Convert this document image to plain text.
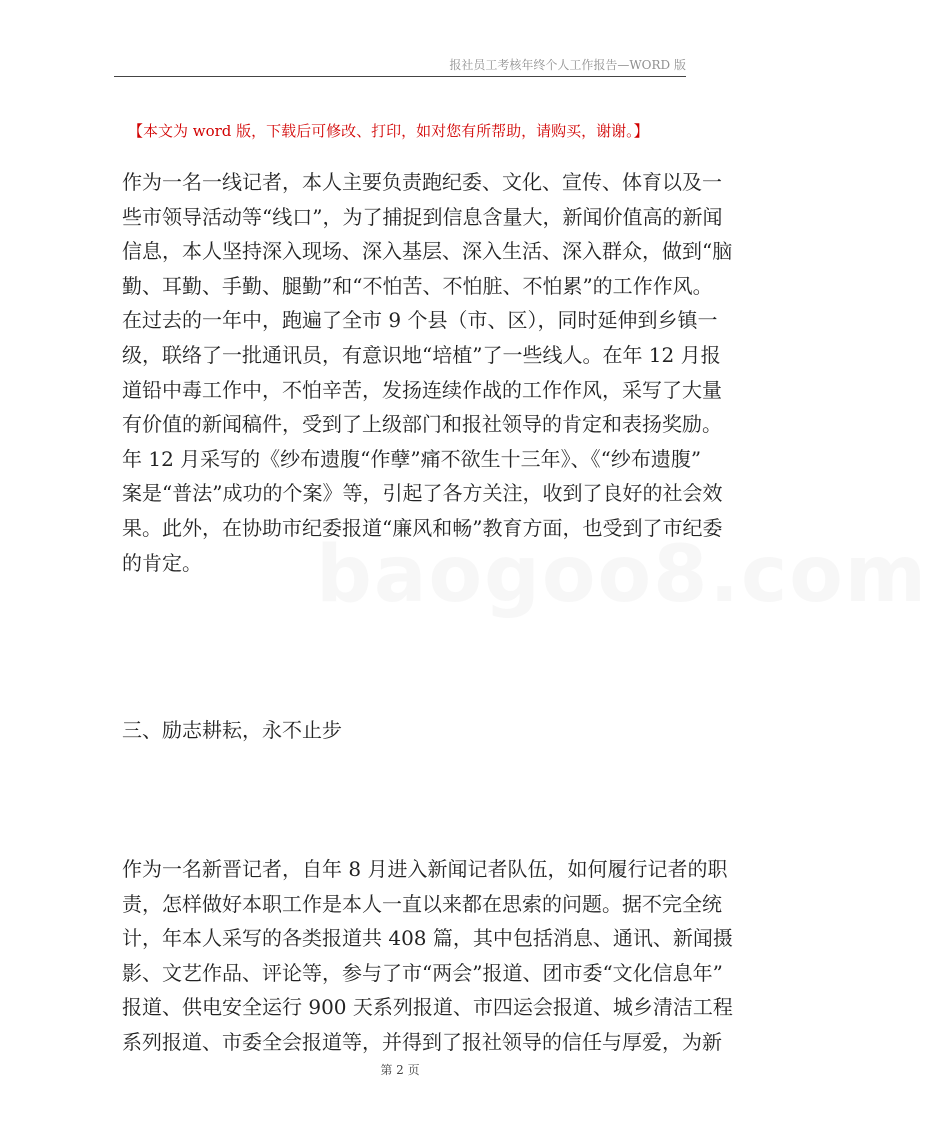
报社员工考核年终个人工作报告—WORD 版
【本文为 word 版，下载后可修改、打印，如对您有所帮助，请购买，谢谢。】
作为一名一线记者，本人主要负责跑纪委、文化、宣传、体育以及一
些市领导活动等“线口”，为了捕捉到信息含量大，新闻价值高的新闻
信息，本人坚持深入现场、深入基层、深入生活、深入群众，做到“脑
勤、耳勤、手勤、腿勤”和“不怕苦、不怕脏、不怕累”的工作作风。
在过去的一年中，跑遍了全市 9 个县（市、区），同时延伸到乡镇一
级，联络了一批通讯员，有意识地“培植”了一些线人。在年 12 月报
道铅中毒工作中，不怕辛苦，发扬连续作战的工作作风，采写了大量
有价值的新闻稿件，受到了上级部门和报社领导的肯定和表扬奖励。
年 12 月采写的《纱布遗腹“作孽”痛不欲生十三年》、《“纱布遗腹”
案是“普法”成功的个案》等，引起了各方关注，收到了良好的社会效
果。此外，在协助市纪委报道“廉风和畅”教育方面，也受到了市纪委
的肯定。
三、励志耕耘，永不止步
作为一名新晋记者，自年 8 月进入新闻记者队伍，如何履行记者的职
责，怎样做好本职工作是本人一直以来都在思索的问题。据不完全统
计，年本人采写的各类报道共 408 篇，其中包括消息、通讯、新闻摄
影、文艺作品、评论等，参与了市“两会”报道、团市委“文化信息年”
报道、供电安全运行 900 天系列报道、市四运会报道、城乡清洁工程
系列报道、市委全会报道等，并得到了报社领导的信任与厚爱，为新
baogoo8.com
第 2 页
